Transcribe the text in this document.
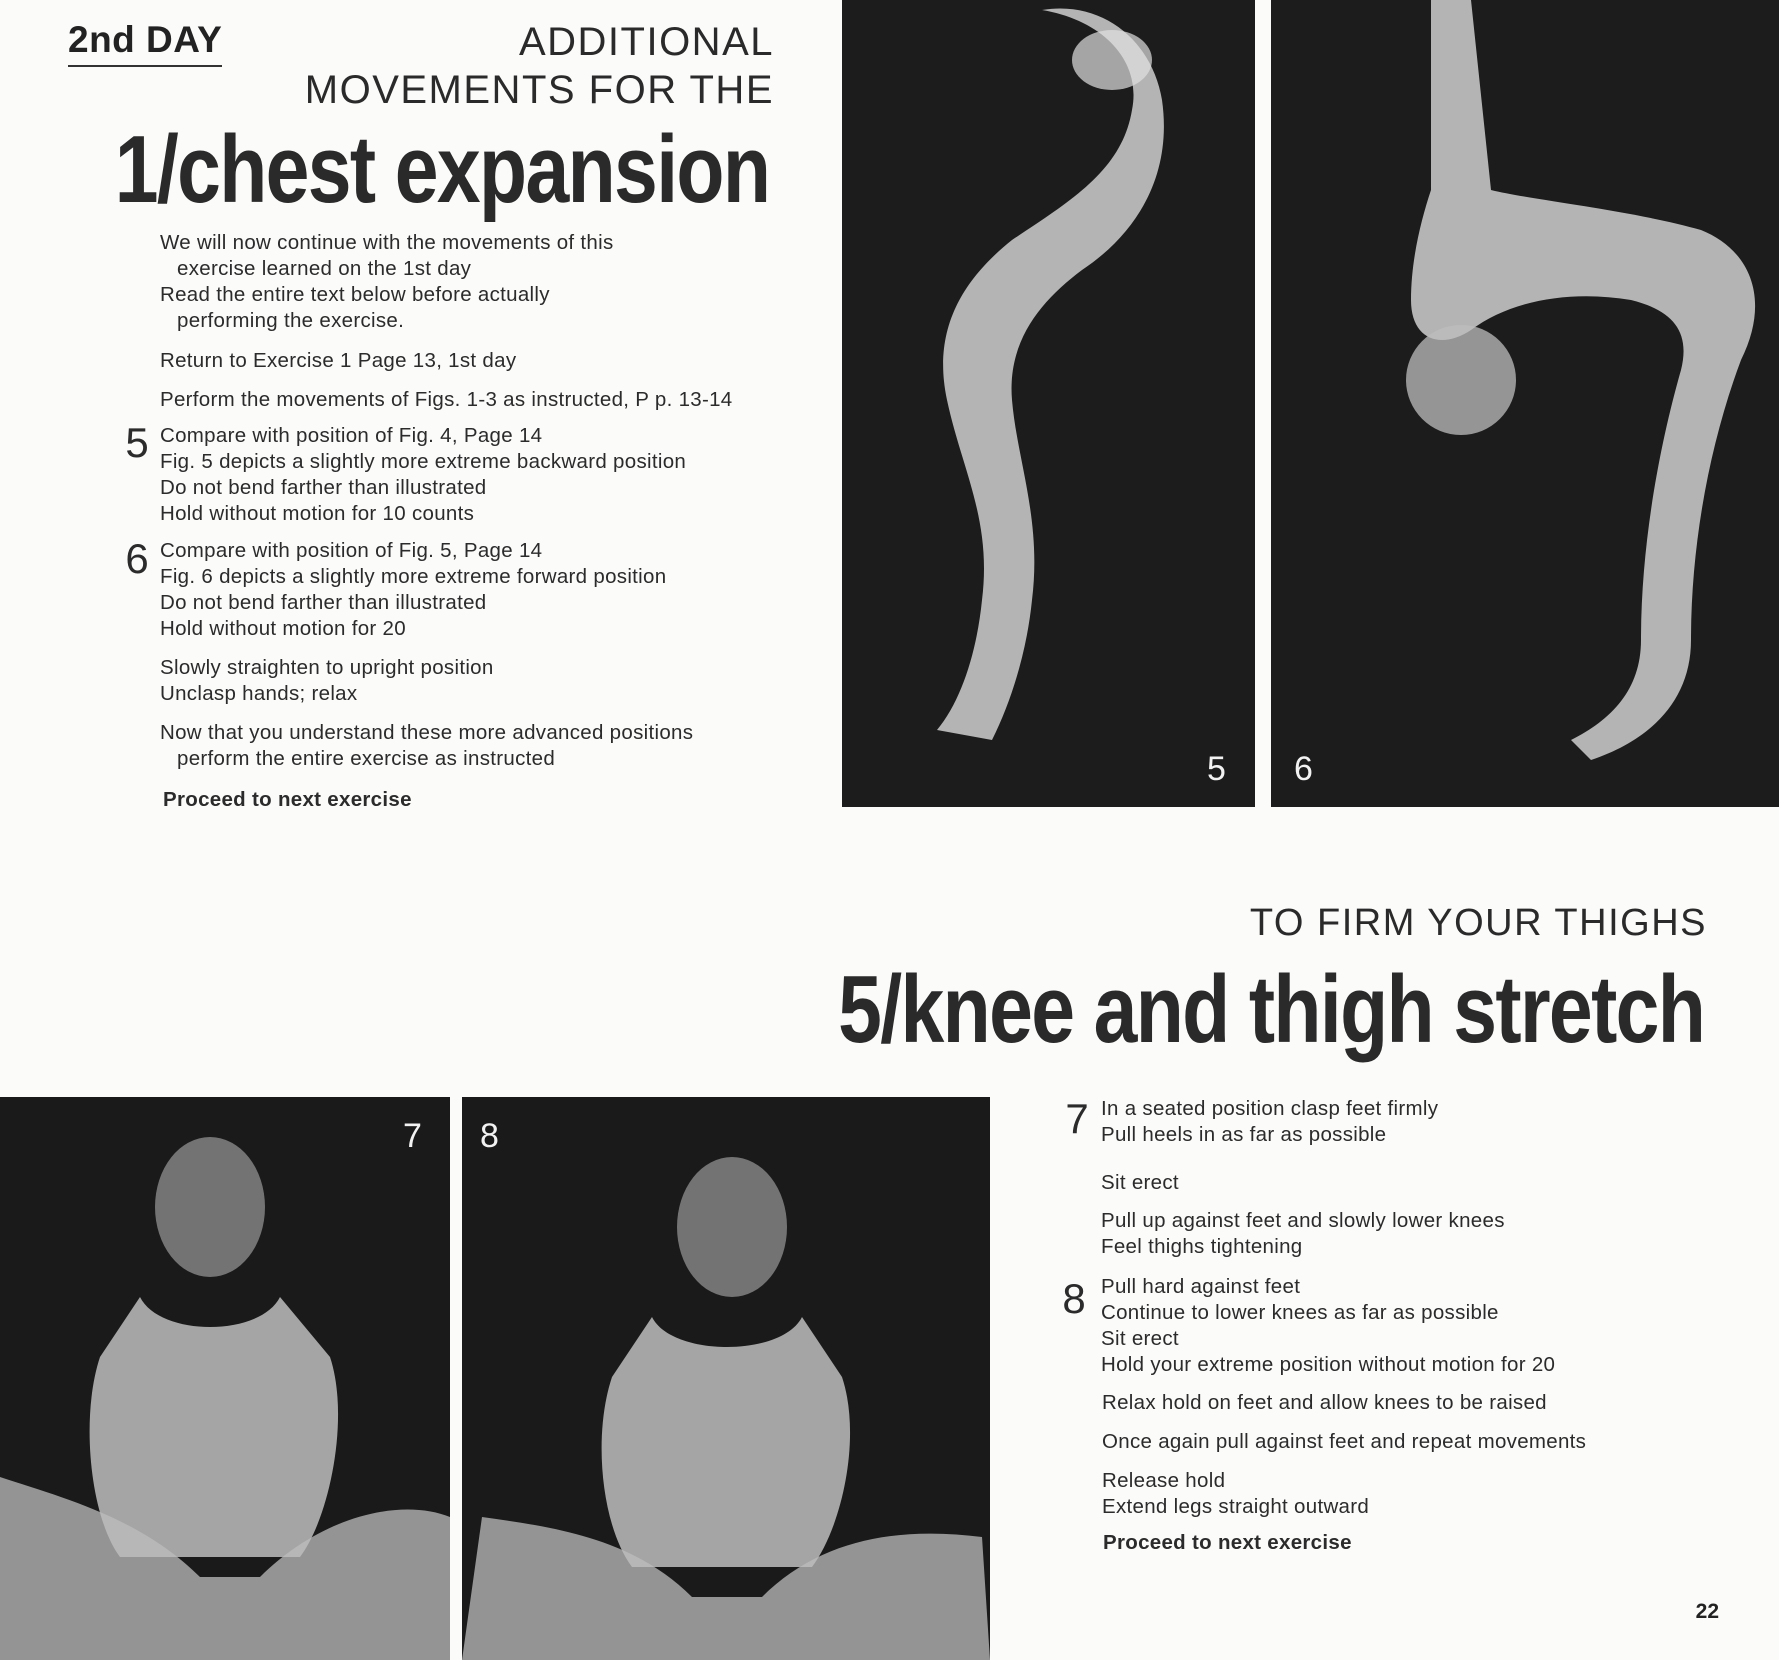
2nd DAY	ADDITIONAL
MOVEMENTS FOR THE
1/chest expansion
We will now continue with the movements of this
exercise learned on the 1st day
Read the entire text below before actually
performing the exercise.
Return to Exercise 1 Page 13, 1st day
Perform the movements of Figs. 1-3 as instructed, P p. 13-14
5 Compare with position of Fig. 4, Page 14
Fig. 5 depicts a slightly more extreme backward position
Do not bend farther than illustrated
Hold without motion for 10 counts
6 Compare with position of Fig. 5, Page 14
Fig. 6 depicts a slightly more extreme forward position
Do not bend farther than illustrated
Hold without motion for 20
Slowly straighten to upright position
Unclasp hands; relax
Now that you understand these more advanced positions
perform the entire exercise as instructed
Proceed to next exercise
5 6
TO FIRM YOUR THIGHS
5/knee and thigh stretch
7 8	7 In a seated position clasp feet firmly
Pull heels in as far as possible
Sit erect
Pull up against feet and slowly lower knees
Feel thighs tightening
8 Pull hard against feet
Continue to lower knees as far as possible
Sit erect
Hold your extreme position without motion for 20
Relax hold on feet and allow knees to be raised
Once again pull against feet and repeat movements
Release hold
Extend legs straight outward
Proceed to next exercise
22
